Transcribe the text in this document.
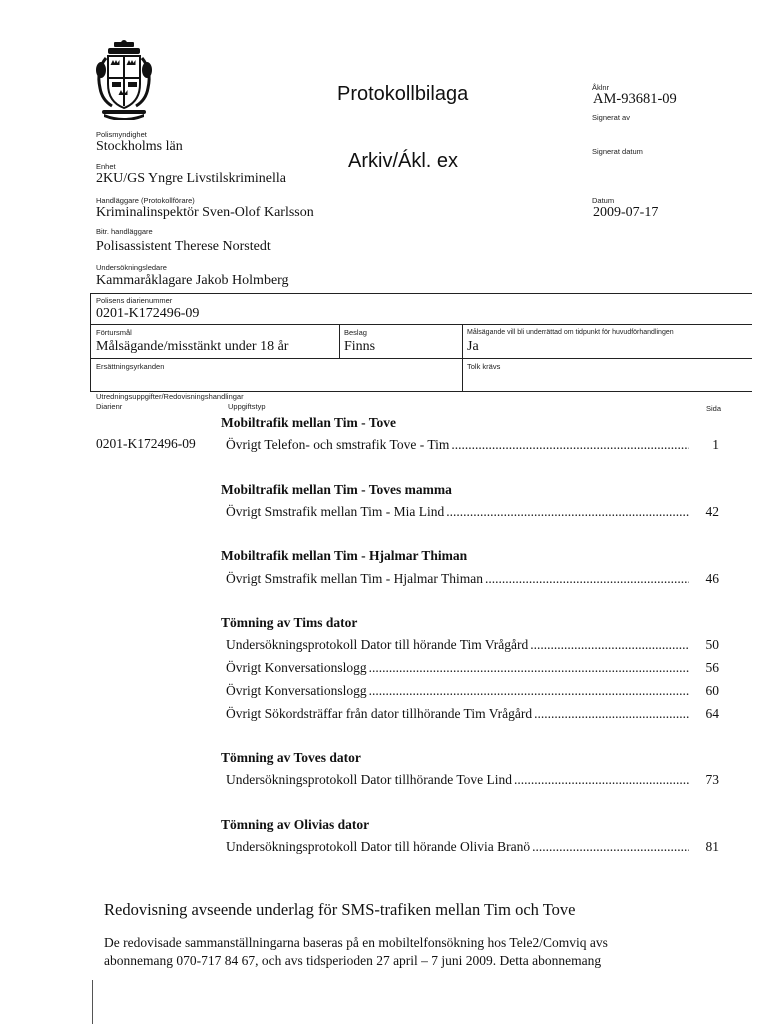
Protokollbilaga
Arkiv/Ákl. ex
Åklnr
AM-93681-09
Signerat av
Signerat datum
Datum
2009-07-17
Polismyndighet
Stockholms län
Enhet
2KU/GS Yngre Livstilskriminella
Handläggare (Protokollförare)
Kriminalinspektör Sven-Olof Karlsson
Bitr. handläggare
Polisassistent Therese Norstedt
Undersökningsledare
Kammaråklagare Jakob Holmberg
Polisens diarienummer
0201-K172496-09
Förtursmål
Målsägande/misstänkt under 18 år
Beslag
Finns
Målsägande vill bli underrättad om tidpunkt för huvudförhandlingen
Ja
Ersättningsyrkanden	Tolk krävs
Utredningsuppgifter/Redovisningshandlingar
Diarienr	Uppgiftstyp	Sida
0201-K172496-09
Mobiltrafik mellan Tim - Tove
Övrigt Telefon- och smstrafik Tove - Tim .....	1
Mobiltrafik mellan Tim - Toves mamma
Övrigt Smstrafik mellan Tim - Mia Lind .....	42
Mobiltrafik mellan Tim - Hjalmar Thiman
Övrigt Smstrafik mellan Tim - Hjalmar Thiman .....	46
Tömning av Tims dator
Undersökningsprotokoll Dator till hörande Tim Vrågård .....	50
Övrigt Konversationslogg .....	56
Övrigt Konversationslogg .....	60
Övrigt Sökordsträffar från dator tillhörande Tim Vrågård .....	64
Tömning av Toves dator
Undersökningsprotokoll Dator tillhörande Tove Lind .....	73
Tömning av Olivias dator
Undersökningsprotokoll Dator till hörande Olivia Branö .....	81
Redovisning avseende underlag för SMS-trafiken mellan Tim och Tove
De redovisade sammanställningarna baseras på en mobiltelfonsökning hos Tele2/Comviq avs
abonnemang 070-717 84 67, och avs tidsperioden 27 april – 7 juni 2009. Detta abonnemang
